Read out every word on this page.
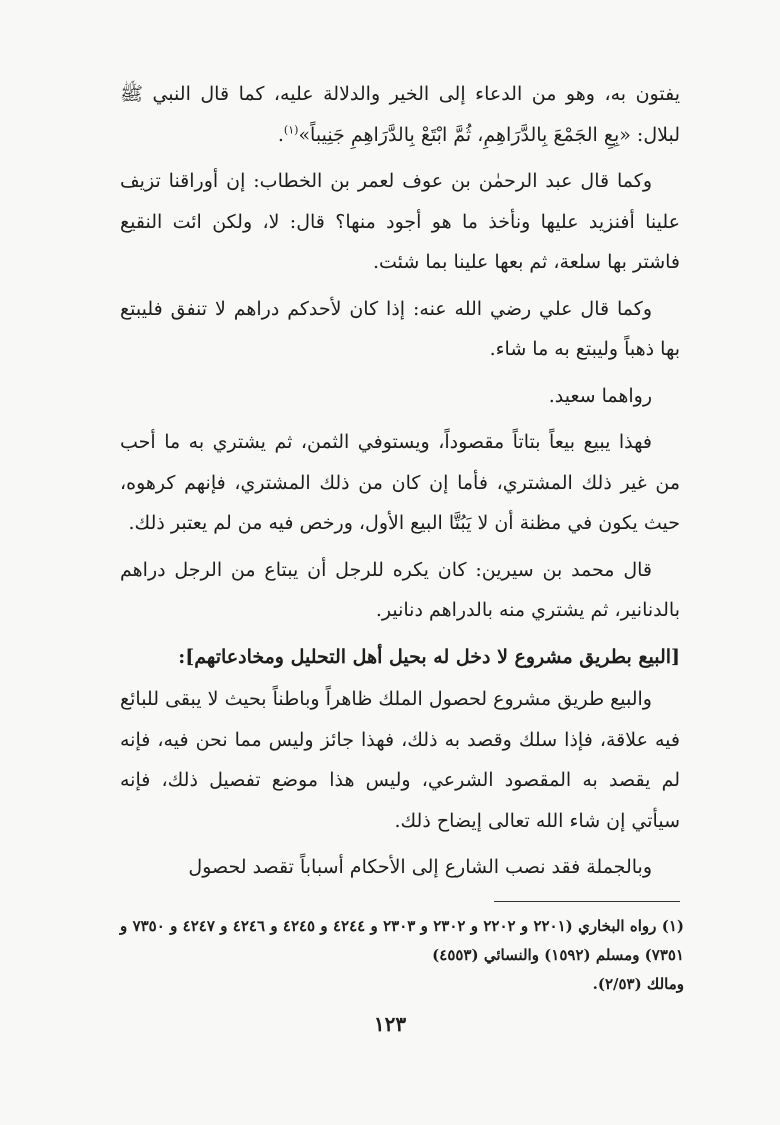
يفتون به، وهو من الدعاء إلى الخير والدلالة عليه، كما قال النبي ﷺ لبلال: «بِعِ الجَمْعَ بِالدَّرَاهِمِ، ثُمَّ ابْتَعْ بِالدَّرَاهِمِ جَنِيباً»$^{(١)}$.

وكما قال عبد الرحمٰن بن عوف لعمر بن الخطاب: إن أوراقنا تزيف علينا أفنزيد عليها ونأخذ ما هو أجود منها؟ قال: لا، ولكن ائت النقيع فاشتر بها سلعة، ثم بعها علينا بما شئت.

وكما قال علي رضي الله عنه: إذا كان لأحدكم دراهم لا تنفق فليبتع بها ذهباً وليبتع به ما شاء.

رواهما سعيد.

فهذا يبيع بيعاً بتاتاً مقصوداً، ويستوفي الثمن، ثم يشتري به ما أحب من غير ذلك المشتري، فأما إن كان من ذلك المشتري، فإنهم كرهوه، حيث يكون في مظنة أن لا يَبُتَّا البيع الأول، ورخص فيه من لم يعتبر ذلك.

قال محمد بن سيرين: كان يكره للرجل أن يبتاع من الرجل دراهم بالدنانير، ثم يشتري منه بالدراهم دنانير.

[البيع بطريق مشروع لا دخل له بحيل أهل التحليل ومخادعاتهم]:

والبيع طريق مشروع لحصول الملك ظاهراً وباطناً بحيث لا يبقى للبائع فيه علاقة، فإذا سلك وقصد به ذلك، فهذا جائز وليس مما نحن فيه، فإنه لم يقصد به المقصود الشرعي، وليس هذا موضع تفصيل ذلك، فإنه سيأتي إن شاء الله تعالى إيضاح ذلك.

وبالجملة فقد نصب الشارع إلى الأحكام أسباباً تقصد لحصول

(١) رواه البخاري (٢٢٠١ و ٢٢٠٢ و ٢٣٠٢ و ٢٣٠٣ و ٤٢٤٤ و ٤٢٤٥ و ٤٢٤٦ و ٤٢٤٧ و ٧٣٥٠ و ٧٣٥١) ومسلم (١٥٩٢) والنسائي (٤٥٥٣)

ومالك (٢/٥٣).

١٢٣
